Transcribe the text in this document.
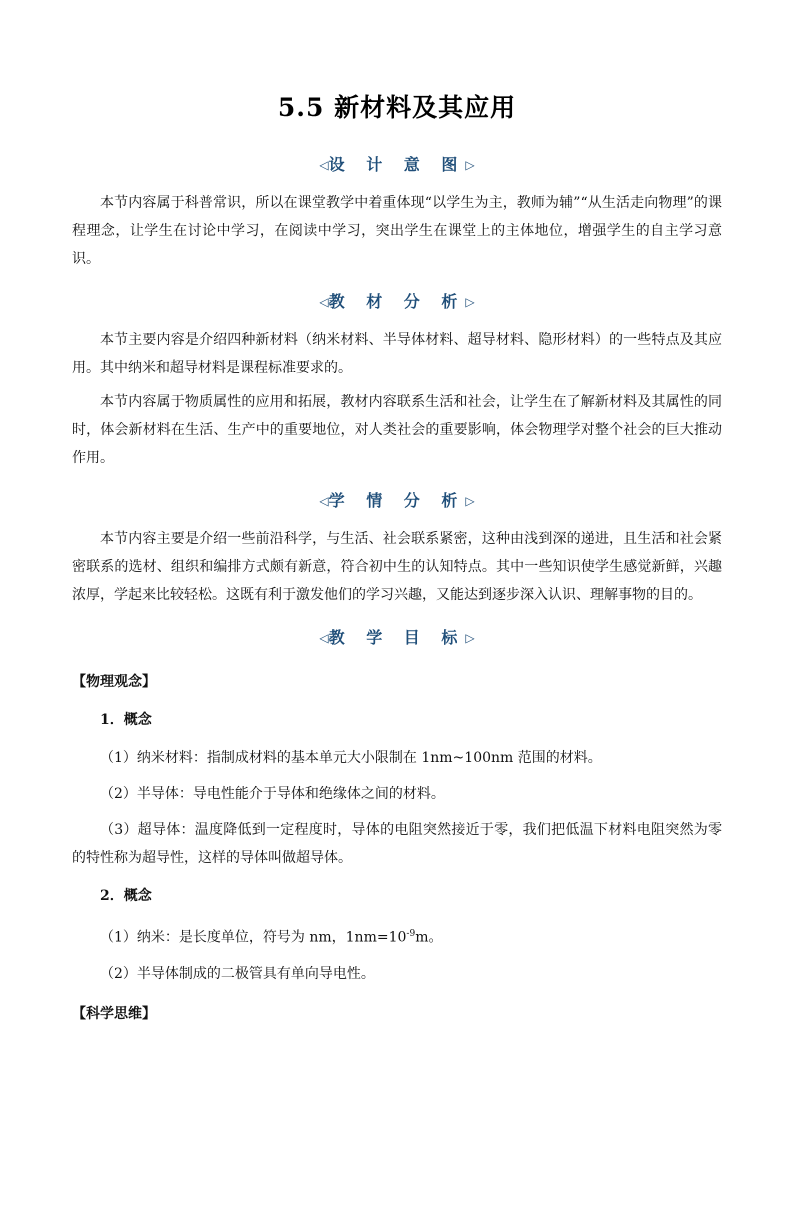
5.5 新材料及其应用
◁设 计 意 图▷

本节内容属于科普常识，所以在课堂教学中着重体现“以学生为主，教师为辅”“从生活走向物理”的课程理念，让学生在讨论中学习，在阅读中学习，突出学生在课堂上的主体地位，增强学生的自主学习意识。

◁教 材 分 析▷

本节主要内容是介绍四种新材料（纳米材料、半导体材料、超导材料、隐形材料）的一些特点及其应用。其中纳米和超导材料是课程标准要求的。

本节内容属于物质属性的应用和拓展，教材内容联系生活和社会，让学生在了解新材料及其属性的同时，体会新材料在生活、生产中的重要地位，对人类社会的重要影响，体会物理学对整个社会的巨大推动作用。

◁学 情 分 析▷

本节内容主要是介绍一些前沿科学，与生活、社会联系紧密，这种由浅到深的递进，且生活和社会紧密联系的选材、组织和编排方式颇有新意，符合初中生的认知特点。其中一些知识使学生感觉新鲜，兴趣浓厚，学起来比较轻松。这既有利于激发他们的学习兴趣，又能达到逐步深入认识、理解事物的目的。

◁教 学 目 标▷
【物理观念】
1．概念

（1）纳米材料：指制成材料的基本单元大小限制在 1nm~100nm 范围的材料。

（2）半导体：导电性能介于导体和绝缘体之间的材料。

（3）超导体：温度降低到一定程度时，导体的电阻突然接近于零，我们把低温下材料电阻突然为零的特性称为超导性，这样的导体叫做超导体。

2．概念

（1）纳米：是长度单位，符号为 nm，$1nm=10^{-9}m$。

（2）半导体制成的二极管具有单向导电性。

【科学思维】
